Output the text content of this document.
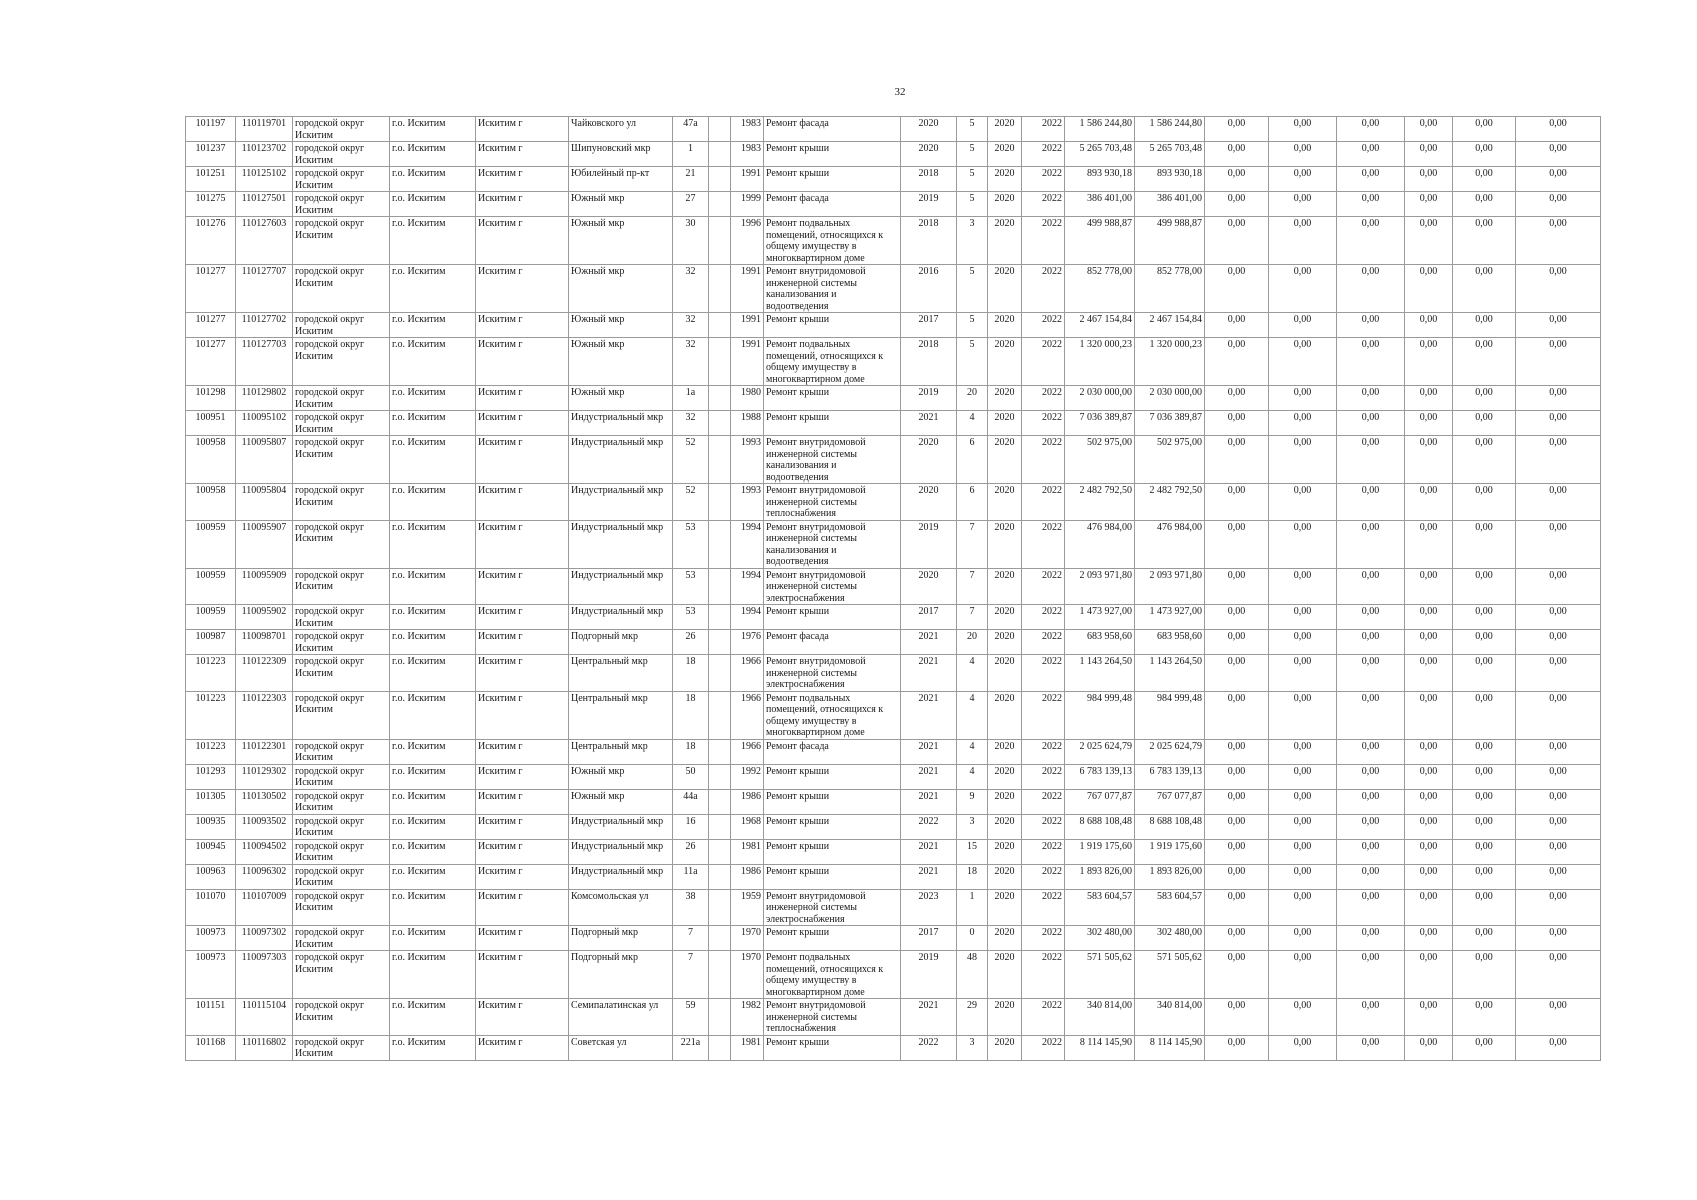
32
101197	110119701	городской округ Искитим	г.о. Искитим	Искитим г	Чайковского ул	47а		1983	Ремонт фасада	2020	5	2020	2022	1 586 244,80	1 586 244,80	0,00	0,00	0,00	0,00	0,00	0,00
101237	110123702	городской округ Искитим	г.о. Искитим	Искитим г	Шипуновский мкр	1		1983	Ремонт крыши	2020	5	2020	2022	5 265 703,48	5 265 703,48	0,00	0,00	0,00	0,00	0,00	0,00
101251	110125102	городской округ Искитим	г.о. Искитим	Искитим г	Юбилейный пр-кт	21		1991	Ремонт крыши	2018	5	2020	2022	893 930,18	893 930,18	0,00	0,00	0,00	0,00	0,00	0,00
101275	110127501	городской округ Искитим	г.о. Искитим	Искитим г	Южный мкр	27		1999	Ремонт фасада	2019	5	2020	2022	386 401,00	386 401,00	0,00	0,00	0,00	0,00	0,00	0,00
101276	110127603	городской округ Искитим	г.о. Искитим	Искитим г	Южный мкр	30		1996	Ремонт подвальных помещений, относящихся к общему имуществу в многоквартирном доме	2018	3	2020	2022	499 988,87	499 988,87	0,00	0,00	0,00	0,00	0,00	0,00
101277	110127707	городской округ Искитим	г.о. Искитим	Искитим г	Южный мкр	32		1991	Ремонт внутридомовой инженерной системы канализования и водоотведения	2016	5	2020	2022	852 778,00	852 778,00	0,00	0,00	0,00	0,00	0,00	0,00
101277	110127702	городской округ Искитим	г.о. Искитим	Искитим г	Южный мкр	32		1991	Ремонт крыши	2017	5	2020	2022	2 467 154,84	2 467 154,84	0,00	0,00	0,00	0,00	0,00	0,00
101277	110127703	городской округ Искитим	г.о. Искитим	Искитим г	Южный мкр	32		1991	Ремонт подвальных помещений, относящихся к общему имуществу в многоквартирном доме	2018	5	2020	2022	1 320 000,23	1 320 000,23	0,00	0,00	0,00	0,00	0,00	0,00
101298	110129802	городской округ Искитим	г.о. Искитим	Искитим г	Южный мкр	1а		1980	Ремонт крыши	2019	20	2020	2022	2 030 000,00	2 030 000,00	0,00	0,00	0,00	0,00	0,00	0,00
100951	110095102	городской округ Искитим	г.о. Искитим	Искитим г	Индустриальный мкр	32		1988	Ремонт крыши	2021	4	2020	2022	7 036 389,87	7 036 389,87	0,00	0,00	0,00	0,00	0,00	0,00
100958	110095807	городской округ Искитим	г.о. Искитим	Искитим г	Индустриальный мкр	52		1993	Ремонт внутридомовой инженерной системы канализования и водоотведения	2020	6	2020	2022	502 975,00	502 975,00	0,00	0,00	0,00	0,00	0,00	0,00
100958	110095804	городской округ Искитим	г.о. Искитим	Искитим г	Индустриальный мкр	52		1993	Ремонт внутридомовой инженерной системы теплоснабжения	2020	6	2020	2022	2 482 792,50	2 482 792,50	0,00	0,00	0,00	0,00	0,00	0,00
100959	110095907	городской округ Искитим	г.о. Искитим	Искитим г	Индустриальный мкр	53		1994	Ремонт внутридомовой инженерной системы канализования и водоотведения	2019	7	2020	2022	476 984,00	476 984,00	0,00	0,00	0,00	0,00	0,00	0,00
100959	110095909	городской округ Искитим	г.о. Искитим	Искитим г	Индустриальный мкр	53		1994	Ремонт внутридомовой инженерной системы электроснабжения	2020	7	2020	2022	2 093 971,80	2 093 971,80	0,00	0,00	0,00	0,00	0,00	0,00
100959	110095902	городской округ Искитим	г.о. Искитим	Искитим г	Индустриальный мкр	53		1994	Ремонт крыши	2017	7	2020	2022	1 473 927,00	1 473 927,00	0,00	0,00	0,00	0,00	0,00	0,00
100987	110098701	городской округ Искитим	г.о. Искитим	Искитим г	Подгорный мкр	26		1976	Ремонт фасада	2021	20	2020	2022	683 958,60	683 958,60	0,00	0,00	0,00	0,00	0,00	0,00
101223	110122309	городской округ Искитим	г.о. Искитим	Искитим г	Центральный мкр	18		1966	Ремонт внутридомовой инженерной системы электроснабжения	2021	4	2020	2022	1 143 264,50	1 143 264,50	0,00	0,00	0,00	0,00	0,00	0,00
101223	110122303	городской округ Искитим	г.о. Искитим	Искитим г	Центральный мкр	18		1966	Ремонт подвальных помещений, относящихся к общему имуществу в многоквартирном доме	2021	4	2020	2022	984 999,48	984 999,48	0,00	0,00	0,00	0,00	0,00	0,00
101223	110122301	городской округ Искитим	г.о. Искитим	Искитим г	Центральный мкр	18		1966	Ремонт фасада	2021	4	2020	2022	2 025 624,79	2 025 624,79	0,00	0,00	0,00	0,00	0,00	0,00
101293	110129302	городской округ Искитим	г.о. Искитим	Искитим г	Южный мкр	50		1992	Ремонт крыши	2021	4	2020	2022	6 783 139,13	6 783 139,13	0,00	0,00	0,00	0,00	0,00	0,00
101305	110130502	городской округ Искитим	г.о. Искитим	Искитим г	Южный мкр	44а		1986	Ремонт крыши	2021	9	2020	2022	767 077,87	767 077,87	0,00	0,00	0,00	0,00	0,00	0,00
100935	110093502	городской округ Искитим	г.о. Искитим	Искитим г	Индустриальный мкр	16		1968	Ремонт крыши	2022	3	2020	2022	8 688 108,48	8 688 108,48	0,00	0,00	0,00	0,00	0,00	0,00
100945	110094502	городской округ Искитим	г.о. Искитим	Искитим г	Индустриальный мкр	26		1981	Ремонт крыши	2021	15	2020	2022	1 919 175,60	1 919 175,60	0,00	0,00	0,00	0,00	0,00	0,00
100963	110096302	городской округ Искитим	г.о. Искитим	Искитим г	Индустриальный мкр	11а		1986	Ремонт крыши	2021	18	2020	2022	1 893 826,00	1 893 826,00	0,00	0,00	0,00	0,00	0,00	0,00
101070	110107009	городской округ Искитим	г.о. Искитим	Искитим г	Комсомольская ул	38		1959	Ремонт внутридомовой инженерной системы электроснабжения	2023	1	2020	2022	583 604,57	583 604,57	0,00	0,00	0,00	0,00	0,00	0,00
100973	110097302	городской округ Искитим	г.о. Искитим	Искитим г	Подгорный мкр	7		1970	Ремонт крыши	2017	0	2020	2022	302 480,00	302 480,00	0,00	0,00	0,00	0,00	0,00	0,00
100973	110097303	городской округ Искитим	г.о. Искитим	Искитим г	Подгорный мкр	7		1970	Ремонт подвальных помещений, относящихся к общему имуществу в многоквартирном доме	2019	48	2020	2022	571 505,62	571 505,62	0,00	0,00	0,00	0,00	0,00	0,00
101151	110115104	городской округ Искитим	г.о. Искитим	Искитим г	Семипалатинская ул	59		1982	Ремонт внутридомовой инженерной системы теплоснабжения	2021	29	2020	2022	340 814,00	340 814,00	0,00	0,00	0,00	0,00	0,00	0,00
101168	110116802	городской округ Искитим	г.о. Искитим	Искитим г	Советская ул	221а		1981	Ремонт крыши	2022	3	2020	2022	8 114 145,90	8 114 145,90	0,00	0,00	0,00	0,00	0,00	0,00
